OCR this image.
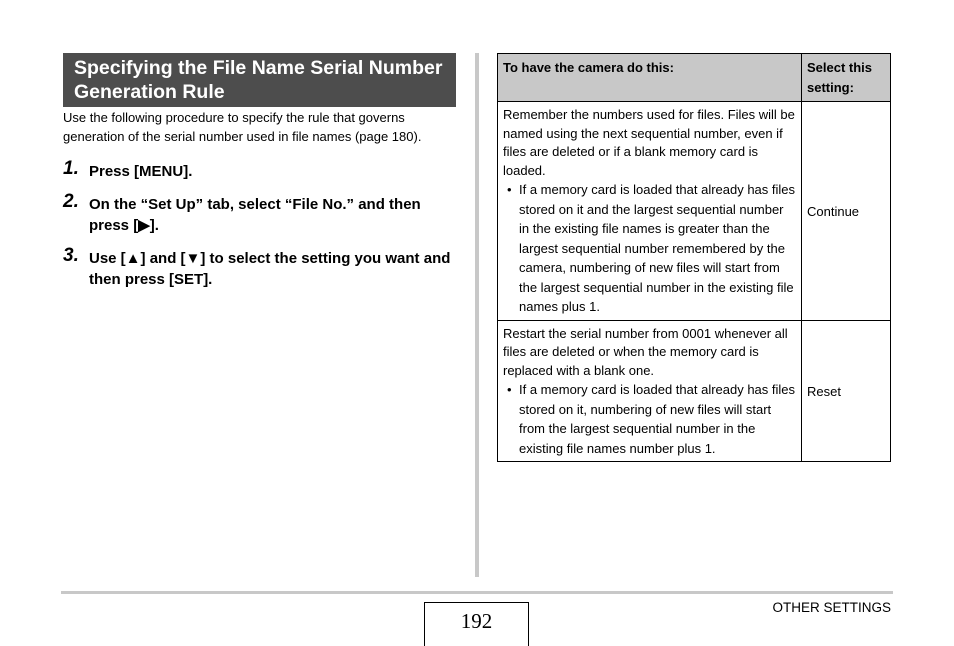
Specifying the File Name Serial Number Generation Rule
Use the following procedure to specify the rule that governs generation of the serial number used in file names (page 180).
1. Press [MENU].
2. On the “Set Up” tab, select “File No.” and then press [▶].
3. Use [▲] and [▼] to select the setting you want and then press [SET].
To have the camera do this:	Select this setting:

Remember the numbers used for files. Files will be named using the next sequential number, even if files are deleted or if a blank memory card is loaded.
• If a memory card is loaded that already has files stored on it and the largest sequential number in the existing file names is greater than the largest sequential number remembered by the camera, numbering of new files will start from the largest sequential number in the existing file names plus 1.	Continue

Restart the serial number from 0001 whenever all files are deleted or when the memory card is replaced with a blank one.
• If a memory card is loaded that already has files stored on it, numbering of new files will start from the largest sequential number in the existing file names number plus 1.	Reset
192
OTHER SETTINGS
